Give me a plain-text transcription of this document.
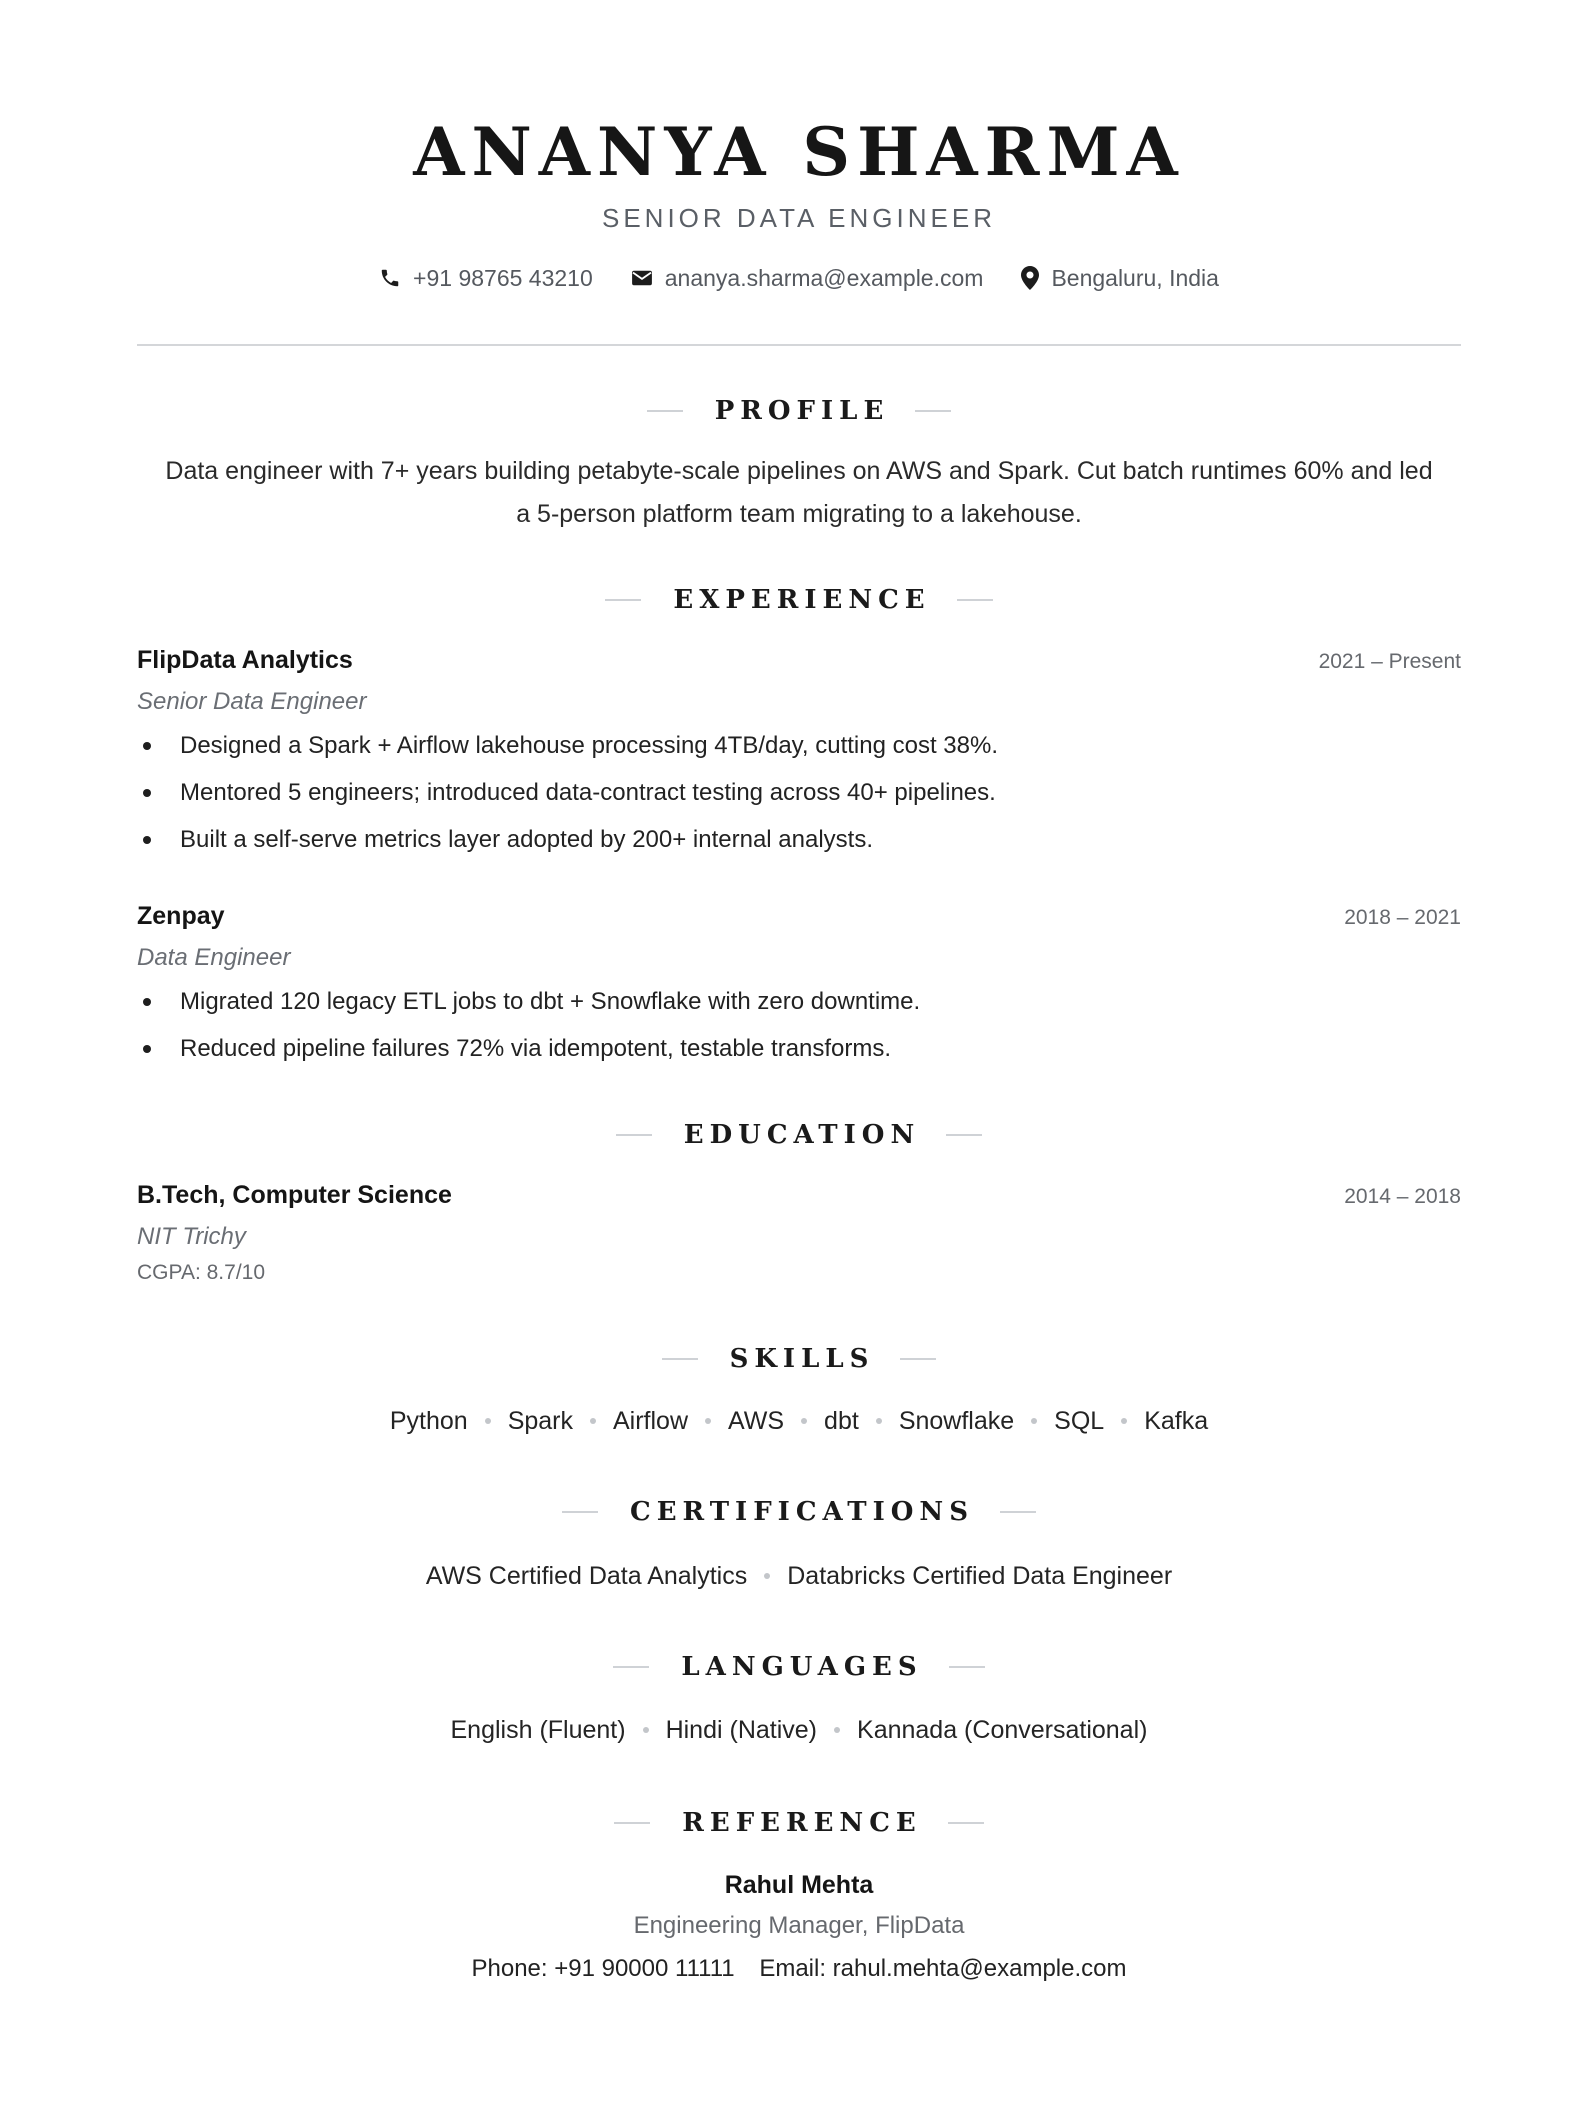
ANANYA SHARMA
SENIOR DATA ENGINEER
+91 98765 43210	ananya.sharma@example.com	Bengaluru, India
PROFILE
Data engineer with 7+ years building petabyte-scale pipelines on AWS and Spark. Cut batch runtimes 60% and led a 5-person platform team migrating to a lakehouse.
EXPERIENCE
FlipData Analytics	2021 – Present
Senior Data Engineer
Designed a Spark + Airflow lakehouse processing 4TB/day, cutting cost 38%.
Mentored 5 engineers; introduced data-contract testing across 40+ pipelines.
Built a self-serve metrics layer adopted by 200+ internal analysts.
Zenpay	2018 – 2021
Data Engineer
Migrated 120 legacy ETL jobs to dbt + Snowflake with zero downtime.
Reduced pipeline failures 72% via idempotent, testable transforms.
EDUCATION
B.Tech, Computer Science	2014 – 2018
NIT Trichy
CGPA: 8.7/10
SKILLS
Python Spark Airflow AWS dbt Snowflake SQL Kafka
CERTIFICATIONS
AWS Certified Data Analytics Databricks Certified Data Engineer
LANGUAGES
English (Fluent) Hindi (Native) Kannada (Conversational)
REFERENCE
Rahul Mehta
Engineering Manager, FlipData
Phone: +91 90000 11111 Email: rahul.mehta@example.com
